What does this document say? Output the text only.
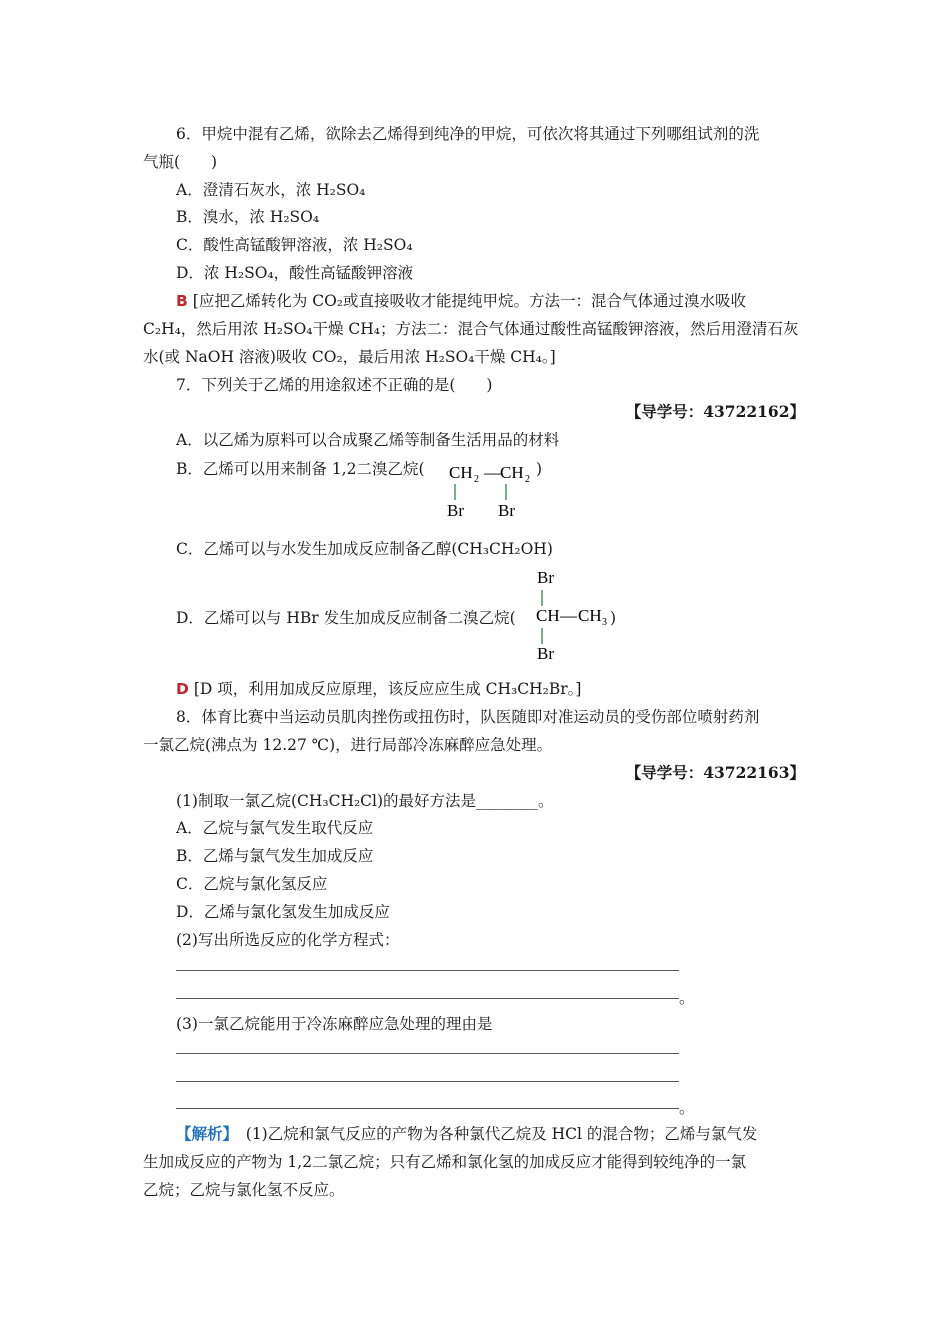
6．甲烷中混有乙烯，欲除去乙烯得到纯净的甲烷，可依次将其通过下列哪组试剂的洗
气瓶(　　)
A．澄清石灰水，浓 H₂SO₄
B．溴水，浓 H₂SO₄
C．酸性高锰酸钾溶液，浓 H₂SO₄
D．浓 H₂SO₄，酸性高锰酸钾溶液
B [应把乙烯转化为 CO₂或直接吸收才能提纯甲烷。方法一：混合气体通过溴水吸收
C₂H₄，然后用浓 H₂SO₄干燥 CH₄；方法二：混合气体通过酸性高锰酸钾溶液，然后用澄清石灰
水(或 NaOH 溶液)吸收 CO₂，最后用浓 H₂SO₄干燥 CH₄。]
7．下列关于乙烯的用途叙述不正确的是(　　)
【导学号：43722162】
A．以乙烯为原料可以合成聚乙烯等制备生活用品的材料
B．乙烯可以用来制备 1,2二溴乙烷( CH 2 — CH 2
Br Br
)
C．乙烯可以与水发生加成反应制备乙醇(CH₃CH₂OH)
D．乙烯可以与 HBr 发生加成反应制备二溴乙烷(
Br
CH — CH 3
Br
)
D [D 项，利用加成反应原理，该反应应生成 CH₃CH₂Br。]
8．体育比赛中当运动员肌肉挫伤或扭伤时，队医随即对准运动员的受伤部位喷射药剂
一氯乙烷(沸点为 12.27 ℃)，进行局部冷冻麻醉应急处理。
【导学号：43722163】
(1)制取一氯乙烷(CH₃CH₂Cl)的最好方法是________。
A．乙烷与氯气发生取代反应
B．乙烯与氯气发生加成反应
C．乙烷与氯化氢反应
D．乙烯与氯化氢发生加成反应
(2)写出所选反应的化学方程式：
。
(3)一氯乙烷能用于冷冻麻醉应急处理的理由是
。
【解析】　(1)乙烷和氯气反应的产物为各种氯代乙烷及 HCl 的混合物；乙烯与氯气发
生加成反应的产物为 1,2二氯乙烷；只有乙烯和氯化氢的加成反应才能得到较纯净的一氯
乙烷；乙烷与氯化氢不反应。
